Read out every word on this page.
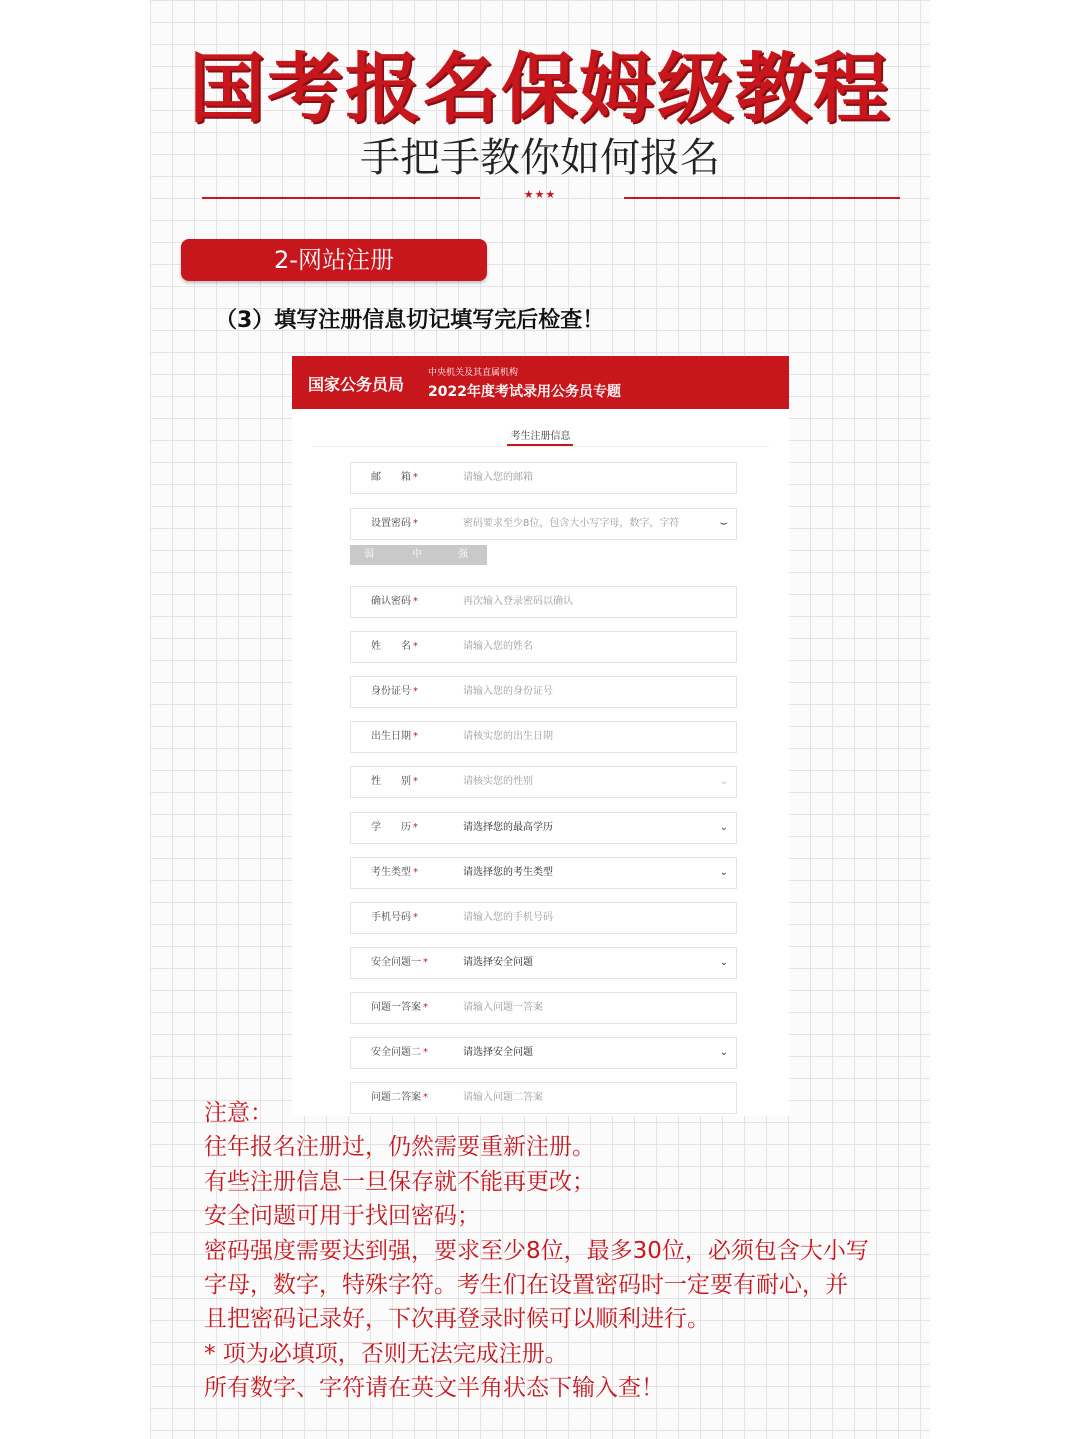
国考报名保姆级教程
手把手教你如何报名
★★★
2-网站注册
（3）填写注册信息切记填写完后检查！
国家公务员局
中央机关及其直属机构
2022年度考试录用公务员专题
考生注册信息
弱	中	强
邮　　箱 *	请输入您的邮箱
设置密码 *	密码要求至少8位，包含大小写字母，数字，字符	⌣
确认密码 *	再次输入登录密码以确认
姓　　名 *	请输入您的姓名
身份证号 *	请输入您的身份证号
出生日期 *	请核实您的出生日期
性　　别 *	请核实您的性别	⌄
学　　历 *	请选择您的最高学历	⌄
考生类型 *	请选择您的考生类型	⌄
手机号码 *	请输入您的手机号码
安全问题一 *	请选择安全问题	⌄
问题一答案 *	请输入问题一答案
安全问题二 *	请选择安全问题	⌄
问题二答案 *	请输入问题二答案
注意：
往年报名注册过，仍然需要重新注册。
有些注册信息一旦保存就不能再更改；
安全问题可用于找回密码；
密码强度需要达到强，要求至少8位，最多30位，必须包含大小写
字母，数字，特殊字符。考生们在设置密码时一定要有耐心，并
且把密码记录好，下次再登录时候可以顺利进行。
* 项为必填项，否则无法完成注册。
所有数字、字符请在英文半角状态下输入查！
